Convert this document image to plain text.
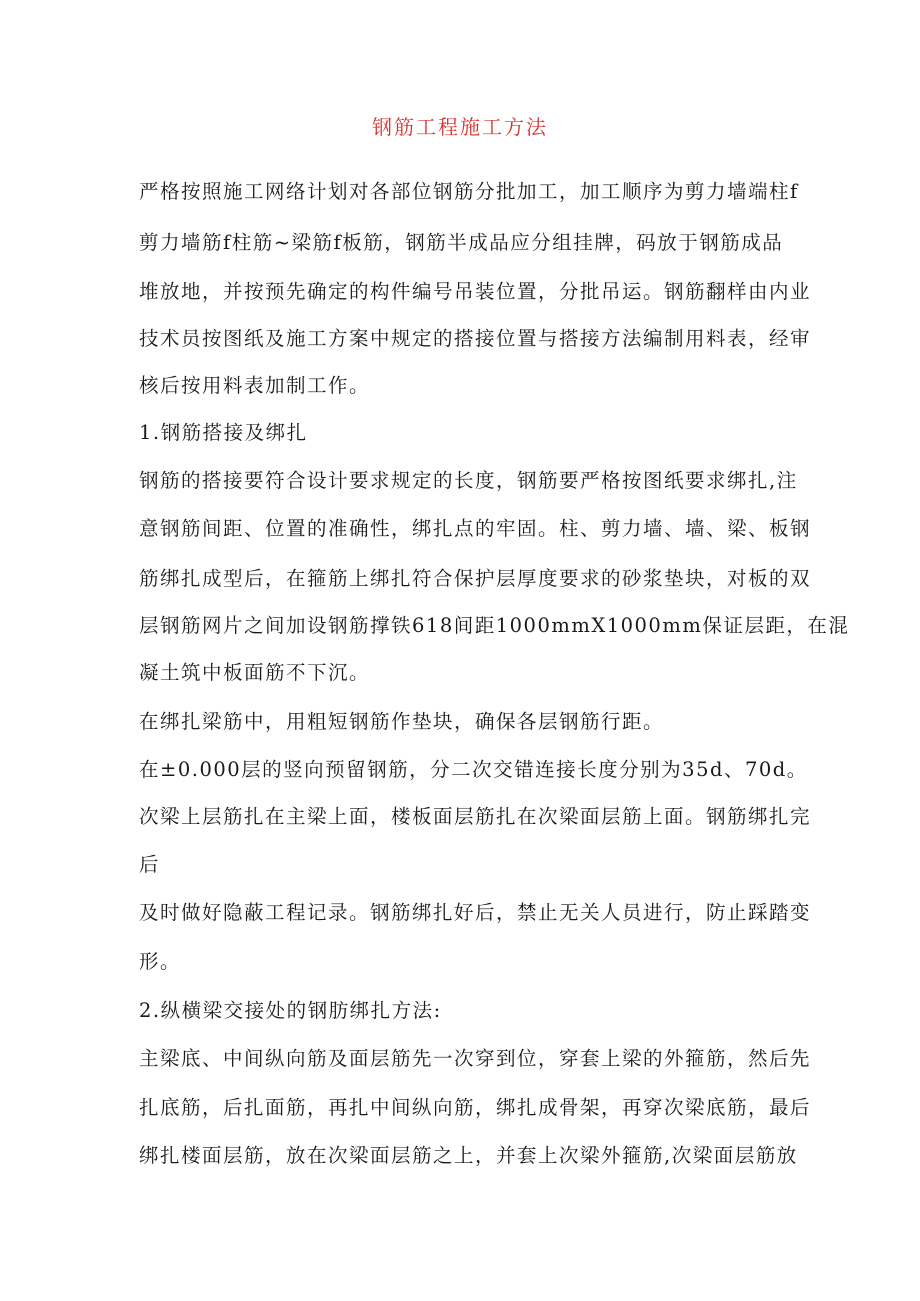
钢筋工程施工方法
严格按照施工网络计划对各部位钢筋分批加工，加工顺序为剪力墙端柱f
剪力墙筋f柱筋~梁筋f板筋，钢筋半成品应分组挂牌，码放于钢筋成品
堆放地，并按预先确定的构件编号吊装位置，分批吊运。钢筋翻样由内业
技术员按图纸及施工方案中规定的搭接位置与搭接方法编制用料表，经审
核后按用料表加制工作。
1.钢筋搭接及绑扎
钢筋的搭接要符合设计要求规定的长度，钢筋要严格按图纸要求绑扎,注
意钢筋间距、位置的准确性，绑扎点的牢固。柱、剪力墙、墙、梁、板钢
筋绑扎成型后，在箍筋上绑扎符合保护层厚度要求的砂浆垫块，对板的双
层钢筋网片之间加设钢筋撑铁618间距1000mmX1000mm保证层距，在混
凝土筑中板面筋不下沉。
在绑扎梁筋中，用粗短钢筋作垫块，确保各层钢筋行距。
在±0.000层的竖向预留钢筋，分二次交错连接长度分别为35d、70d。
次梁上层筋扎在主梁上面，楼板面层筋扎在次梁面层筋上面。钢筋绑扎完
后
及时做好隐蔽工程记录。钢筋绑扎好后，禁止无关人员进行，防止踩踏变
形。
2.纵横梁交接处的钢肪绑扎方法:
主梁底、中间纵向筋及面层筋先一次穿到位，穿套上梁的外箍筋，然后先
扎底筋，后扎面筋，再扎中间纵向筋，绑扎成骨架，再穿次梁底筋，最后
绑扎楼面层筋，放在次梁面层筋之上，并套上次梁外箍筋,次梁面层筋放
